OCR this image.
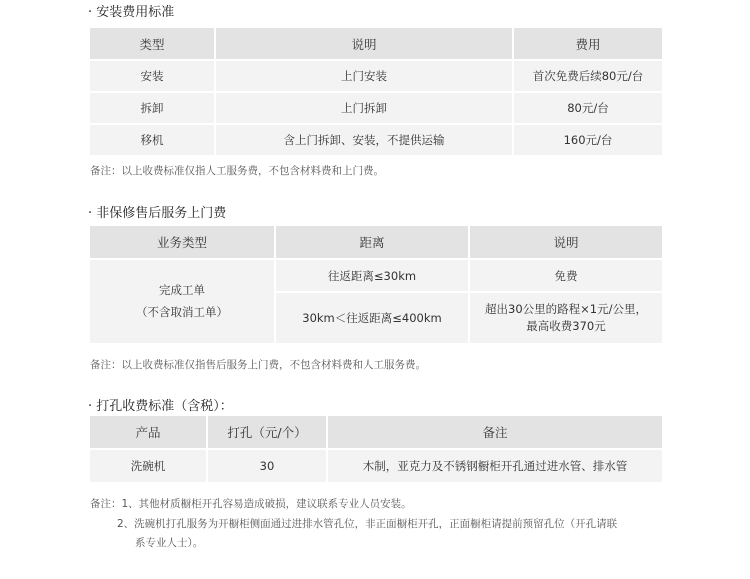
· 安装费用标准
类型	说明	费用
安装	上门安装	首次免费后续80元/台
拆卸	上门拆卸	80元/台
移机	含上门拆卸、安装，不提供运输	160元/台
备注：以上收费标准仅指人工服务费，不包含材料费和上门费。
· 非保修售后服务上门费
业务类型	距离	说明

完成工单
（不含取消工单）	往返距离≤30km	免费
	30km＜往返距离≤400km	超出30公里的路程×1元/公里，
最高收费370元
备注：以上收费标准仅指售后服务上门费，不包含材料费和人工服务费。
· 打孔收费标准（含税）：
产品	打孔（元/个）	备注
洗碗机	30	木制，亚克力及不锈钢橱柜开孔通过进水管、排水管
备注：1、其他材质橱柜开孔容易造成破损，建议联系专业人员安装。
2、洗碗机打孔服务为开橱柜侧面通过进排水管孔位，非正面橱柜开孔，正面橱柜请提前预留孔位（开孔请联
系专业人士）。
